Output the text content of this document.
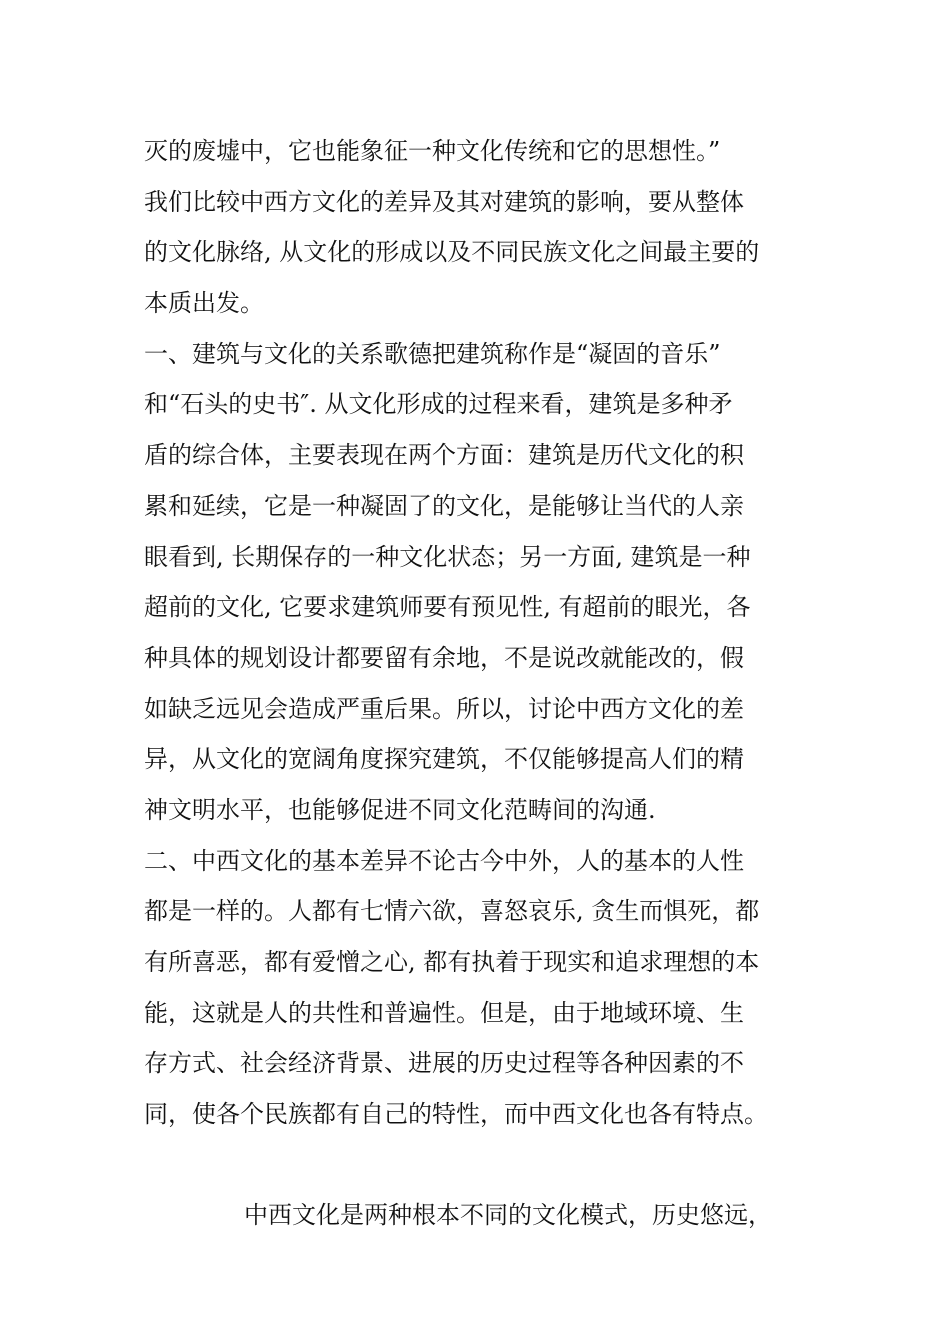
灭的废墟中，它也能象征一种文化传统和它的思想性。”
我们比较中西方文化的差异及其对建筑的影响，要从整体
的文化脉络, 从文化的形成以及不同民族文化之间最主要的
本质出发。
一、建筑与文化的关系歌德把建筑称作是“凝固的音乐”
和“石头的史书″. 从文化形成的过程来看，建筑是多种矛
盾的综合体，主要表现在两个方面：建筑是历代文化的积
累和延续，它是一种凝固了的文化，是能够让当代的人亲
眼看到, 长期保存的一种文化状态；另一方面, 建筑是一种
超前的文化, 它要求建筑师要有预见性, 有超前的眼光，各
种具体的规划设计都要留有余地，不是说改就能改的，假
如缺乏远见会造成严重后果。所以，讨论中西方文化的差
异，从文化的宽阔角度探究建筑，不仅能够提高人们的精
神文明水平，也能够促进不同文化范畴间的沟通.
二、中西文化的基本差异不论古今中外，人的基本的人性
都是一样的。人都有七情六欲，喜怒哀乐, 贪生而惧死，都
有所喜恶，都有爱憎之心, 都有执着于现实和追求理想的本
能，这就是人的共性和普遍性。但是，由于地域环境、生
存方式、社会经济背景、进展的历史过程等各种因素的不
同，使各个民族都有自己的特性，而中西文化也各有特点。
中西文化是两种根本不同的文化模式，历史悠远，
